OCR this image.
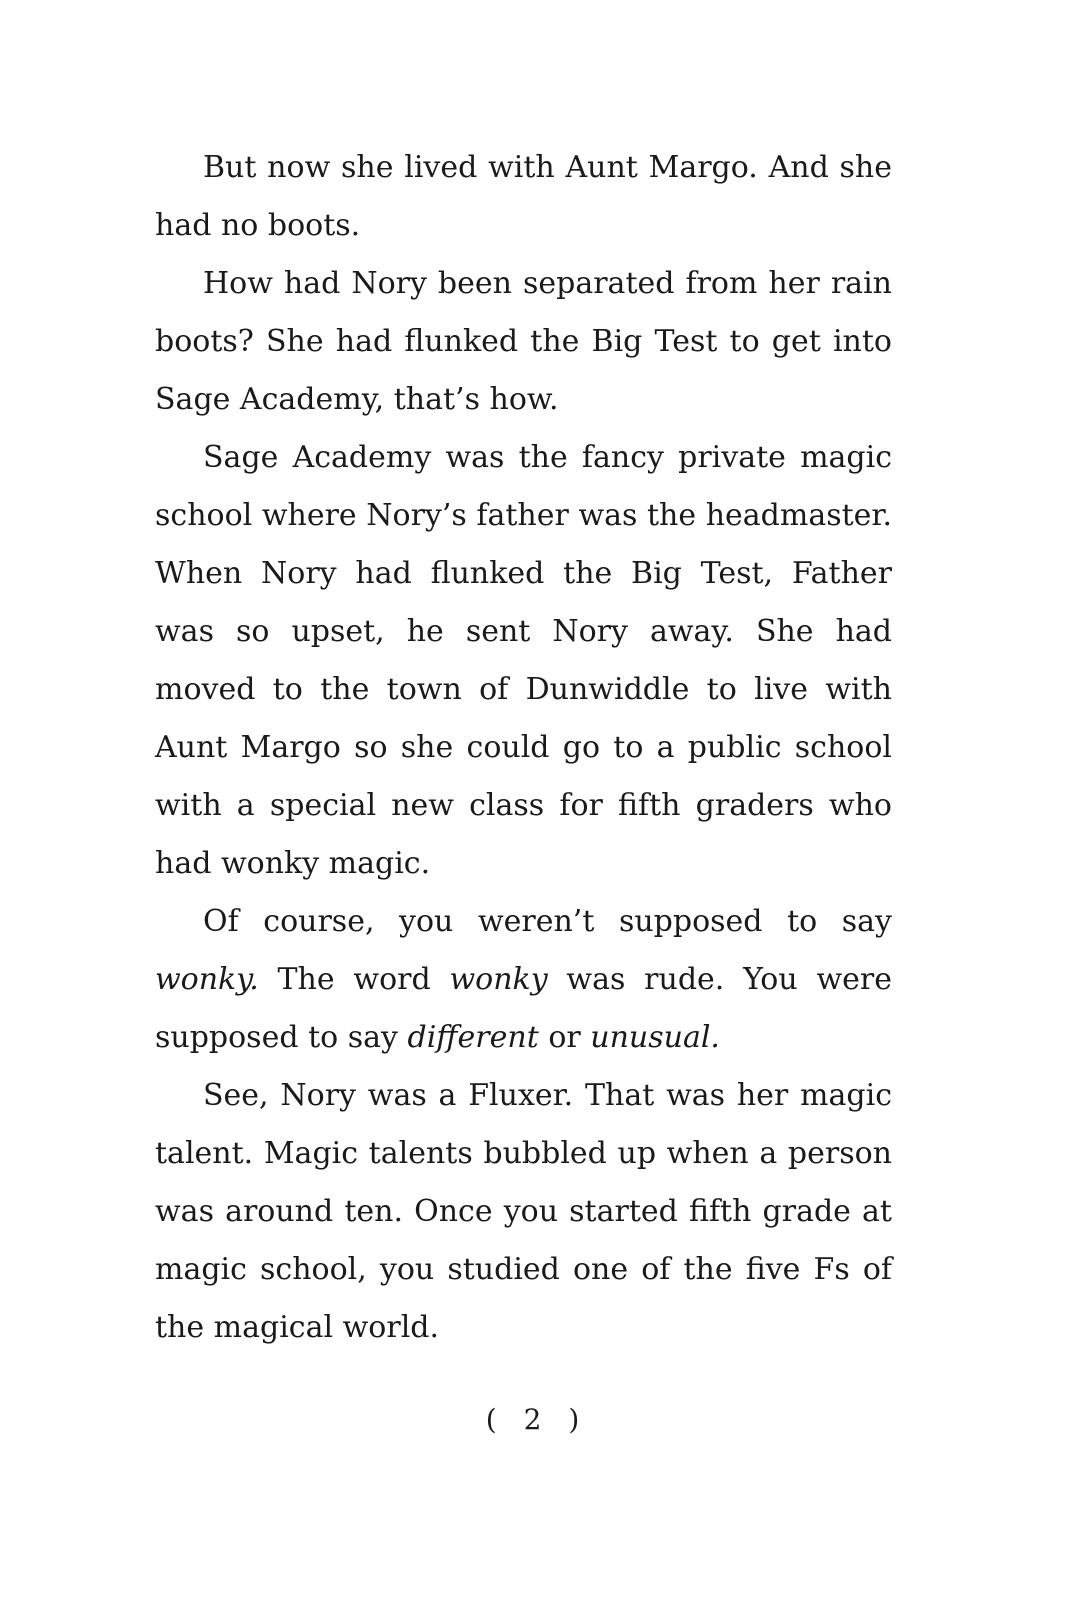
But now she lived with Aunt Margo. And she had no boots.

How had Nory been separated from her rain boots? She had flunked the Big Test to get into Sage Academy, that’s how.

Sage Academy was the fancy private magic school where Nory’s father was the headmaster. When Nory had flunked the Big Test, Father was so upset, he sent Nory away. She had moved to the town of Dunwiddle to live with Aunt Margo so she could go to a public school with a special new class for fifth graders who had wonky magic.

Of course, you weren’t supposed to say wonky. The word wonky was rude. You were supposed to say different or unusual.

See, Nory was a Fluxer. That was her magic talent. Magic talents bubbled up when a person was around ten. Once you started fifth grade at magic school, you studied one of the five Fs of the magical world.

( 2 )
